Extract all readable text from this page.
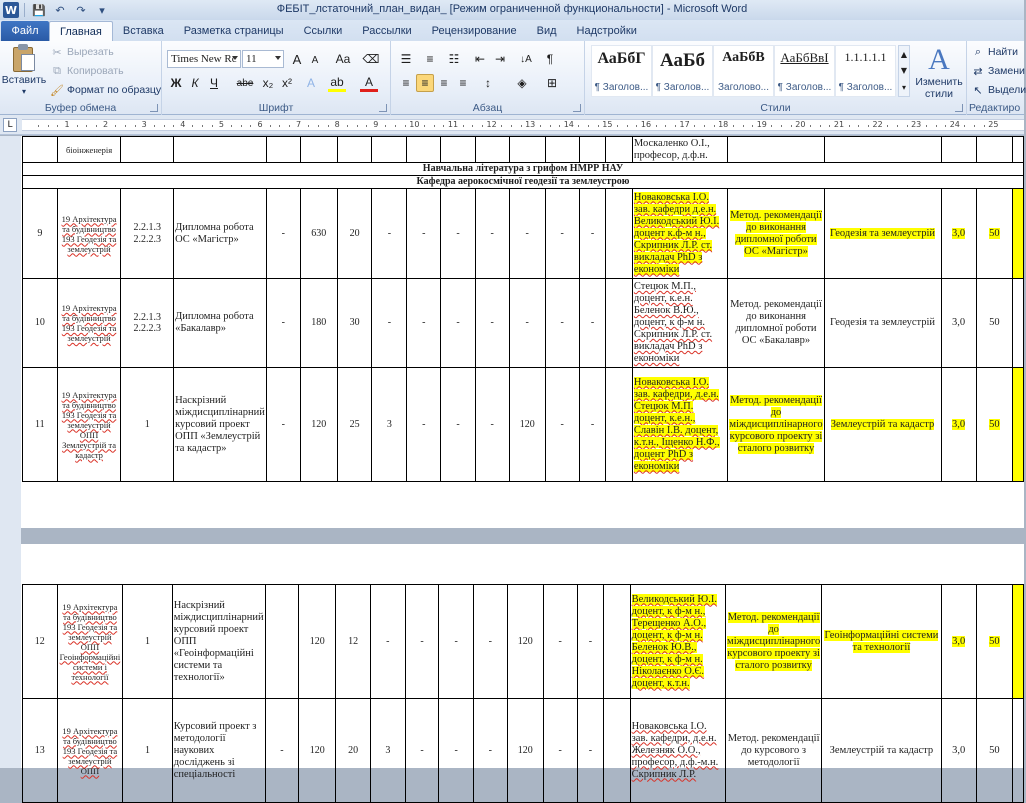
W 💾 ↶	↷	▾	ФЕБІТ_лстаточний_план_видан_ [Режим ограниченной функциональности] - Microsoft Word
Файл	Главная	Вставка	Разметка страницы	Ссылки	Рассылки	Рецензирование	Вид	Надстройки
Вставить
▾
✂ Вырезать
⧉ Копировать
🖌 Формат по образцу
Буфер обмена
Times New Rc 11	A	A	Aa	⌫
Ж К Ч	abe x₂ x²	A	ab	A
Шрифт
☰	≡	☷	⇤ ⇥	↓A	¶
≡ ≡ ≡ ≡	↕	◈	⊞
Абзац
АаБбГ
¶ Заголов...
АаБб
¶ Заголов...
АаБбВ
Заголово...
АаБбВвІ
¶ Заголов...
1.1.1.1.1
¶ Заголов...
▲
▼
▾
A
Изменить стили
Стили
⌕ Найти
⇄ Замени
↖ Выдели
Редактиро
L	1	2	3	4	5	6	7	8	9	10	11	12	13	14	15	16	17	18	19	20	21	22	23	24	25
	біоінженерія														Москаленко О.І., професор, д.ф.н.					
Навчальна література з грифом НМРР НАУ																				
Кафедра аерокосмічної геодезії та землеустрою																				
9	19 Архітектура та будівництво 193 Геодезія та землеустрій	2.2.1.3 2.2.2.3	Дипломна робота ОС «Магістр»	-	630	20	-	-	-	-	-	-	-		Новаковська І.О. зав. кафедри д.е.н. Великодський Ю.І. доцент к.ф-м н., Скрипник Л.Р. ст. викладач PhD з економіки	Метод. рекомендації до виконання дипломної роботи ОС «Магістр»	Геодезія та землеустрій	3,0	50	
10	19 Архітектура та будівництво 193 Геодезія та землеустрій	2.2.1.3 2.2.2.3	Дипломна робота «Бакалавр»	-	180	30	-	-	-	-	-	-	-		Стецюк М.П., доцент, к.е.н. Беленок В.Ю., доцент, к ф-м н. Скрипник Л.Р. ст. викладач PhD з економіки	Метод. рекомендації до виконання дипломної роботи ОС «Бакалавр»	Геодезія та землеустрій	3,0	50	
11	19 Архітектура та будівництво 193 Геодезія та землеустрій ОПП Землеустрій та кадастр	1	Наскрізний міждисциплінарний курсовий проект ОПП «Землеустрій та кадастр»	-	120	25	3	-	-	-	120	-	-		Новаковська І.О. зав. кафедри, д.е.н. Стецюк М.П. доцент, к.е.н., Славін І.В. доцент, к.т.н., Іщенко Н.Ф., доцент PhD з економіки	Метод. рекомендації до міждисциплінарного курсового проекту зі сталого розвитку	Землеустрій та кадастр	3,0	50	
12	19 Архітектура та будівництво 193 Геодезія та землеустрій ОПП Геоінформаційні системи і технології	1	Наскрізний міждисциплінарний курсовий проект ОПП «Геоінформаційні системи та технології»		120	12	-	-	-	-	120	-	-		Великодський Ю.І. доцент, к ф-м н., Терещенко А.О., доцент, к ф-м н. Беленок Ю.В., доцент, к ф-м н. Ніколаєнко О.Є. доцент, к.т.н.	Метод. рекомендації до міждисциплінарного курсового проекту зі сталого розвитку	Геоінформаційні системи та технології	3,0	50	
13	19 Архітектура та будівництво 193 Геодезія та землеустрій ОПП	1	Курсовий проект з методології наукових досліджень зі спеціальності	-	120	20	3	-	-	-	120	-	-		Новаковська І.О. зав. кафедри, д.е.н. Железняк О.О., професор, д.ф.-м.н. Скрипник Л.Р.	Метод. рекомендації до курсового з методології	Землеустрій та кадастр	3,0	50	
